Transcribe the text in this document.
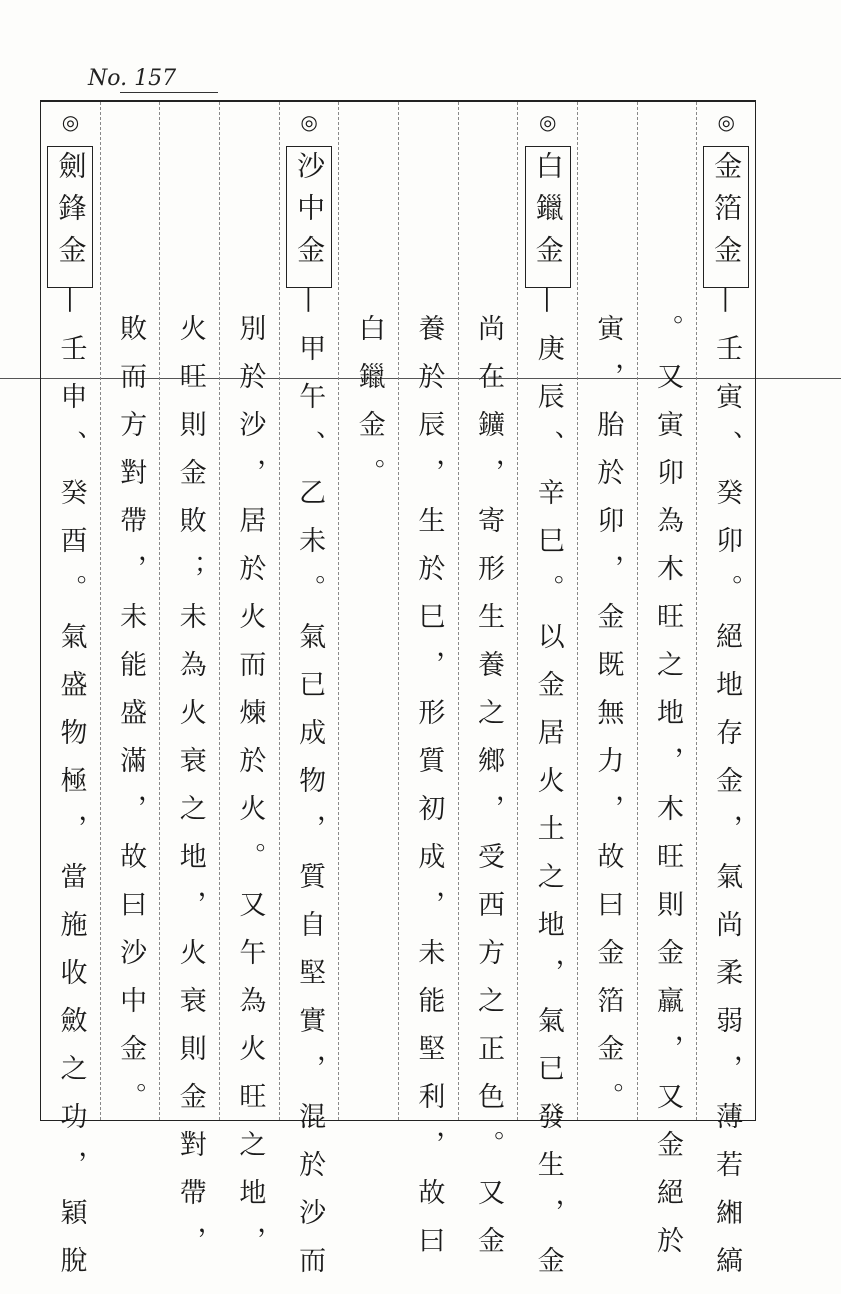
No. 157
◎
金箔金
—壬寅、癸卯。絕地存金，氣尚柔弱，薄若緗縞
。又寅卯為木旺之地，木旺則金羸，又金絕於
寅，胎於卯，金既無力，故曰金箔金。
◎
白鑞金
—庚辰、辛巳。以金居火土之地，氣已發生，金
尚在鑛，寄形生養之鄉，受西方之正色。又金
養於辰，生於巳，形質初成，未能堅利，故曰
白鑞金。
◎
沙中金
—甲午、乙未。氣已成物，質自堅實，混於沙而
別於沙，居於火而煉於火。又午為火旺之地，
火旺則金敗；未為火衰之地，火衰則金對帶，
敗而方對帶，未能盛滿，故曰沙中金。
◎
劍鋒金
—壬申、癸酉。氣盛物極，當施收斂之功，穎脫
